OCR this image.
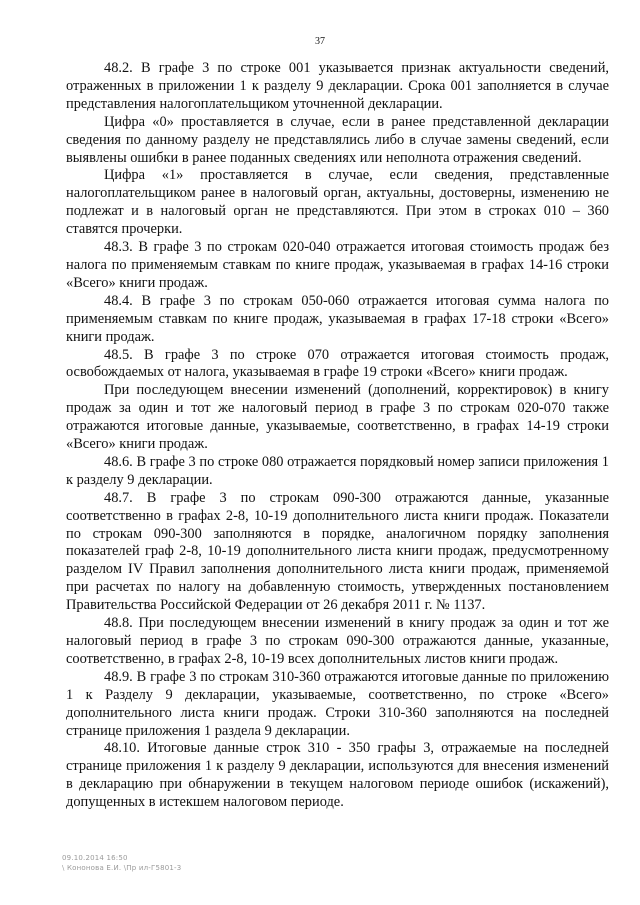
37

48.2. В графе 3 по строке 001 указывается признак актуальности сведений, отраженных в приложении 1 к разделу 9 декларации. Срока 001 заполняется в случае представления налогоплательщиком уточненной декларации.

Цифра «0» проставляется в случае, если в ранее представленной декларации сведения по данному разделу не представлялись либо в случае замены сведений, если выявлены ошибки в ранее поданных сведениях или неполнота отражения сведений.

Цифра «1» проставляется в случае, если сведения, представленные налогоплательщиком ранее в налоговый орган, актуальны, достоверны, изменению не подлежат и в налоговый орган не представляются. При этом в строках 010 – 360 ставятся прочерки.

48.3. В графе 3 по строкам 020-040 отражается итоговая стоимость продаж без налога по применяемым ставкам по книге продаж, указываемая в графах 14-16 строки «Всего» книги продаж.

48.4. В графе 3 по строкам 050-060 отражается итоговая сумма налога по применяемым ставкам по книге продаж, указываемая в графах 17-18 строки «Всего» книги продаж.

48.5. В графе 3 по строке 070 отражается итоговая стоимость продаж, освобождаемых от налога, указываемая в графе 19 строки «Всего» книги продаж.

При последующем внесении изменений (дополнений, корректировок) в книгу продаж за один и тот же налоговый период в графе 3 по строкам 020-070 также отражаются итоговые данные, указываемые, соответственно, в графах 14-19 строки «Всего» книги продаж.

48.6. В графе 3 по строке 080 отражается порядковый номер записи приложения 1 к разделу 9 декларации.

48.7. В графе 3 по строкам 090-300 отражаются данные, указанные соответственно в графах 2-8, 10-19 дополнительного листа книги продаж. Показатели по строкам 090-300 заполняются в порядке, аналогичном порядку заполнения показателей граф 2-8, 10-19 дополнительного листа книги продаж, предусмотренному разделом IV Правил заполнения дополнительного листа книги продаж, применяемой при расчетах по налогу на добавленную стоимость, утвержденных постановлением Правительства Российской Федерации от 26 декабря 2011 г. № 1137.

48.8. При последующем внесении изменений в книгу продаж за один и тот же налоговый период в графе 3 по строкам 090-300 отражаются данные, указанные, соответственно, в графах 2-8, 10-19 всех дополнительных листов книги продаж.

48.9. В графе 3 по строкам 310-360 отражаются итоговые данные по приложению 1 к Разделу 9 декларации, указываемые, соответственно, по строке «Всего» дополнительного листа книги продаж. Строки 310-360 заполняются на последней странице приложения 1 раздела 9 декларации.

48.10. Итоговые данные строк 310 - 350 графы 3, отражаемые на последней странице приложения 1 к разделу 9 декларации, используются для внесения изменений в декларацию при обнаружении в текущем налоговом периоде ошибок (искажений), допущенных в истекшем налоговом периоде.

09.10.2014 16:50
\ Кононова Е.И. \Пр ил-Г5801-3
